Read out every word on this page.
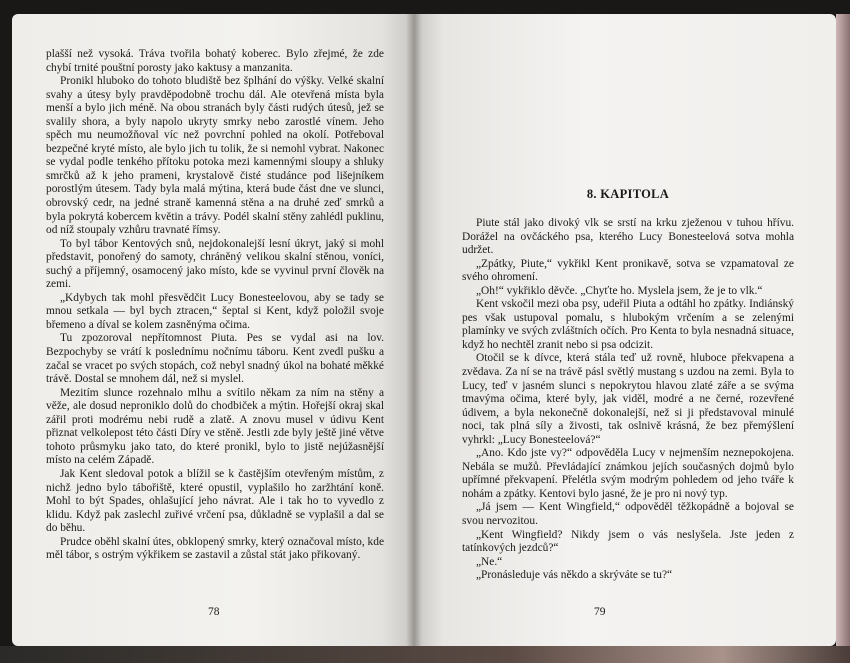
plašší než vysoká. Tráva tvořila bohatý koberec. Bylo zřejmé, že zde chybí trnité pouštní porosty jako kaktusy a manzanita.

Pronikl hluboko do tohoto bludiště bez šplhání do výšky. Velké skalní svahy a útesy byly pravděpodobně trochu dál. Ale otevřená místa byla menší a bylo jich méně. Na obou stranách byly části rudých útesů, jež se svalily shora, a byly napolo ukryty smrky nebo zarostlé vínem. Jeho spěch mu neumožňoval víc než povrchní pohled na okolí. Potřeboval bezpečné kryté místo, ale bylo jich tu tolik, že si nemohl vybrat. Nakonec se vydal podle tenkého přítoku potoka mezi kamennými sloupy a shluky smrčků až k jeho prameni, krystalově čisté studánce pod lišejníkem porostlým útesem. Tady byla malá mýtina, která bude část dne ve slunci, obrovský cedr, na jedné straně kamenná stěna a na druhé zeď smrků a byla pokrytá kobercem květin a trávy. Podél skalní stěny zahlédl puklinu, od níž stoupaly vzhůru travnaté římsy.

To byl tábor Kentových snů, nejdokonalejší lesní úkryt, jaký si mohl představit, ponořený do samoty, chráněný velikou skalní stěnou, voníci, suchý a příjemný, osamocený jako místo, kde se vyvinul první člověk na zemi.

„Kdybych tak mohl přesvědčit Lucy Bonesteelovou, aby se tady se mnou setkala — byl bych ztracen,“ šeptal si Kent, když položil svoje břemeno a díval se kolem zasněnýma očima.

Tu zpozoroval nepřítomnost Piuta. Pes se vydal asi na lov. Bezpochyby se vrátí k poslednímu nočnímu táboru. Kent zvedl pušku a začal se vracet po svých stopách, což nebyl snadný úkol na bohaté měkké trávě. Dostal se mnohem dál, než si myslel.

Mezitím slunce rozehnalo mlhu a svítilo někam za ním na stěny a věže, ale dosud neproniklo dolů do chodbiček a mýtin. Hořejší okraj skal zářil proti modrému nebi rudě a zlatě. A znovu musel v údivu Kent přiznat velkolepost této části Díry ve stěně. Jestli zde byly ještě jiné větve tohoto průsmyku jako tato, do které pronikl, bylo to jistě nejúžasnější místo na celém Západě.

Jak Kent sledoval potok a blížil se k častějším otevřeným místům, z nichž jedno bylo tábořiště, které opustil, vyplašilo ho zaržhtání koně. Mohl to být Spades, ohlašující jeho návrat. Ale i tak ho to vyvedlo z klidu. Když pak zaslechl zuřivé vrčení psa, důkladně se vyplašil a dal se do běhu.

Prudce oběhl skalní útes, obklopený smrky, který označoval místo, kde měl tábor, s ostrým výkřikem se zastavil a zůstal stát jako přikovaný.

78
8. KAPITOLA

Piute stál jako divoký vlk se srstí na krku zježenou v tuhou hřívu. Dorážel na ovčáckého psa, kterého Lucy Bonesteelová sotva mohla udržet.

„Zpátky, Piute,“ vykřikl Kent pronikavě, sotva se vzpamatoval ze svého ohromení.

„Oh!“ vykřiklo děvče. „Chyťte ho. Myslela jsem, že je to vlk.“

Kent vskočil mezi oba psy, udeřil Piuta a odtáhl ho zpátky. Indiánský pes však ustupoval pomalu, s hlubokým vrčením a se zelenými plamínky ve svých zvláštních očích. Pro Kenta to byla nesnadná situace, když ho nechtěl zranit nebo si psa odcizit.

Otočil se k dívce, která stála teď už rovně, hluboce překvapena a zvědava. Za ní se na trávě pásl světlý mustang s uzdou na zemi. Byla to Lucy, teď v jasném slunci s nepokrytou hlavou zlaté záře a se svýma tmavýma očima, které byly, jak viděl, modré a ne černé, rozevřené údivem, a byla nekonečně dokonalejší, než si ji představoval minulé noci, tak plná síly a živosti, tak oslnivě krásná, že bez přemýšlení vyhrkl: „Lucy Bonesteelová?“

„Ano. Kdo jste vy?“ odpověděla Lucy v nejmenším neznepokojena. Nebála se mužů. Převládající známkou jejích současných dojmů bylo upřímné překvapení. Přelétla svým modrým pohledem od jeho tváře k nohám a zpátky. Kentovi bylo jasné, že je pro ni nový typ.

„Já jsem — Kent Wingfield,“ odpověděl těžkopádně a bojoval se svou nervozitou.

„Kent Wingfield? Nikdy jsem o vás neslyšela. Jste jeden z tatínkových jezdců?“

„Ne.“

„Pronásleduje vás někdo a skrýváte se tu?“

79
